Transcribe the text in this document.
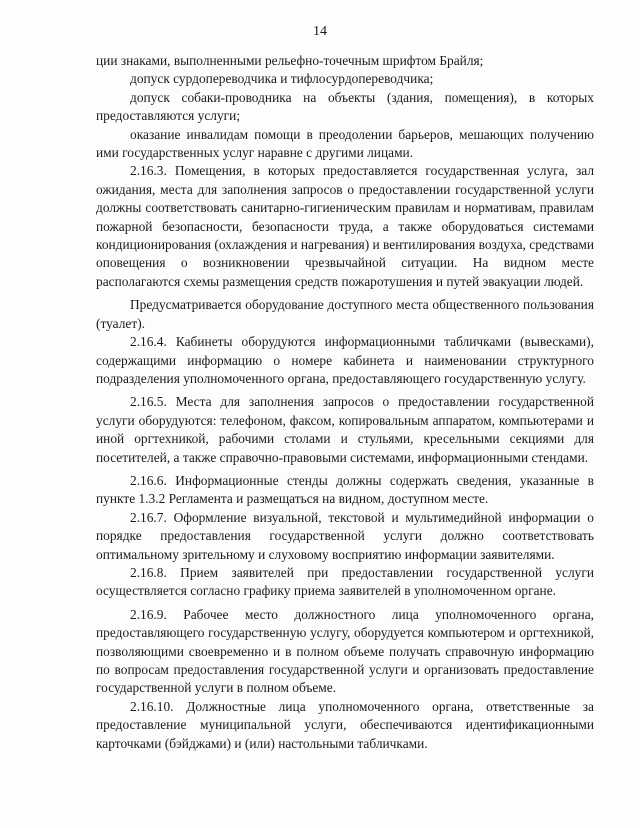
14

ции знаками, выполненными рельефно-точечным шрифтом Брайля;

допуск сурдопереводчика и тифлосурдопереводчика;

допуск собаки-проводника на объекты (здания, помещения), в которых предоставляются услуги;

оказание инвалидам помощи в преодолении барьеров, мешающих получению ими государственных услуг наравне с другими лицами.

2.16.3. Помещения, в которых предоставляется государственная услуга, зал ожидания, места для заполнения запросов о предоставлении государственной услуги должны соответствовать санитарно-гигиеническим правилам и нормативам, правилам пожарной безопасности, безопасности труда, а также оборудоваться системами кондиционирования (охлаждения и нагревания) и вентилирования воздуха, средствами оповещения о возникновении чрезвычайной ситуации. На видном месте располагаются схемы размещения средств пожаротушения и путей эвакуации людей.

Предусматривается оборудование доступного места общественного пользования (туалет).

2.16.4. Кабинеты оборудуются информационными табличками (вывесками), содержащими информацию о номере кабинета и наименовании структурного подразделения уполномоченного органа, предоставляющего государственную услугу.

2.16.5. Места для заполнения запросов о предоставлении государственной услуги оборудуются: телефоном, факсом, копировальным аппаратом, компьютерами и иной оргтехникой, рабочими столами и стульями, кресельными секциями для посетителей, а также справочно-правовыми системами, информационными стендами.

2.16.6. Информационные стенды должны содержать сведения, указанные в пункте 1.3.2 Регламента и размещаться на видном, доступном месте.

2.16.7. Оформление визуальной, текстовой и мультимедийной информации о порядке предоставления государственной услуги должно соответствовать оптимальному зрительному и слуховому восприятию информации заявителями.

2.16.8. Прием заявителей при предоставлении государственной услуги осуществляется согласно графику приема заявителей в уполномоченном органе.

2.16.9. Рабочее место должностного лица уполномоченного органа, предоставляющего государственную услугу, оборудуется компьютером и оргтехникой, позволяющими своевременно и в полном объеме получать справочную информацию по вопросам предоставления государственной услуги и организовать предоставление государственной услуги в полном объеме.

2.16.10. Должностные лица уполномоченного органа, ответственные за предоставление муниципальной услуги, обеспечиваются идентификационными карточками (бэйджами) и (или) настольными табличками.
